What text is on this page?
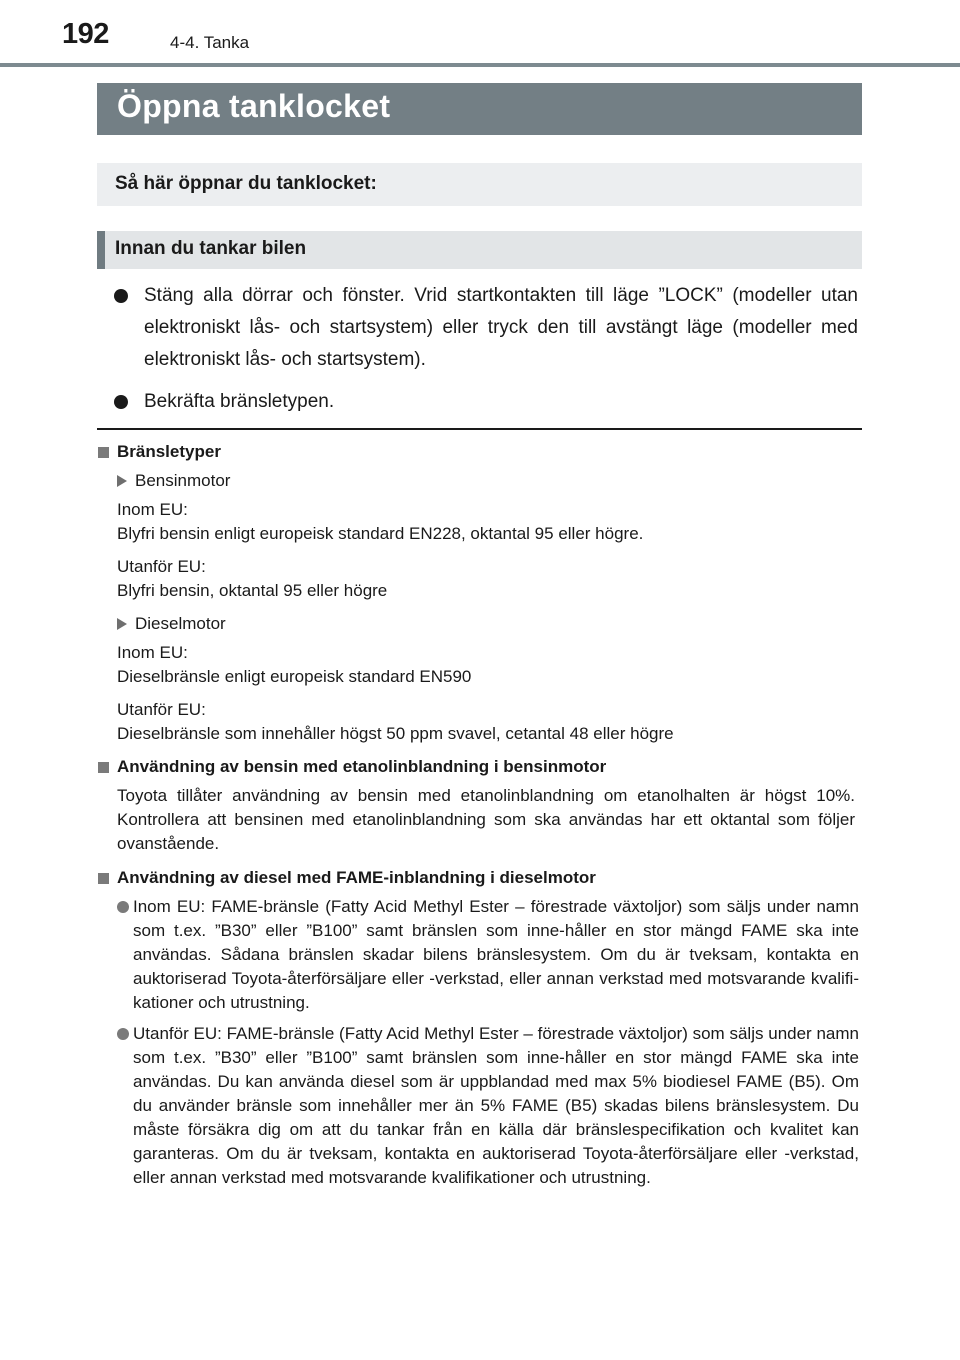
192	4-4. Tanka
Öppna tanklocket
Så här öppnar du tanklocket:
Innan du tankar bilen
Stäng alla dörrar och fönster. Vrid startkontakten till läge ”LOCK” (modeller utan elektroniskt lås- och startsystem) eller tryck den till avstängt läge (modeller med elektroniskt lås- och startsystem).
Bekräfta bränsletypen.
Bränsletyper
Bensinmotor
Inom EU:
Blyfri bensin enligt europeisk standard EN228, oktantal 95 eller högre.
Utanför EU:
Blyfri bensin, oktantal 95 eller högre
Dieselmotor
Inom EU:
Dieselbränsle enligt europeisk standard EN590
Utanför EU:
Dieselbränsle som innehåller högst 50 ppm svavel, cetantal 48 eller högre
Användning av bensin med etanolinblandning i bensinmotor
Toyota tillåter användning av bensin med etanolinblandning om etanolhalten är högst 10%. Kontrollera att bensinen med etanolinblandning som ska användas har ett oktantal som följer ovanstående.
Användning av diesel med FAME-inblandning i dieselmotor
Inom EU: FAME-bränsle (Fatty Acid Methyl Ester – förestrade växtoljor) som säljs under namn som t.ex. ”B30” eller ”B100” samt bränslen som inne-håller en stor mängd FAME ska inte användas. Sådana bränslen skadar bilens bränslesystem. Om du är tveksam, kontakta en auktoriserad Toyota-återförsäljare eller -verkstad, eller annan verkstad med motsvarande kvalifi-kationer och utrustning.
Utanför EU: FAME-bränsle (Fatty Acid Methyl Ester – förestrade växtoljor) som säljs under namn som t.ex. ”B30” eller ”B100” samt bränslen som inne-håller en stor mängd FAME ska inte användas. Du kan använda diesel som är uppblandad med max 5% biodiesel FAME (B5). Om du använder bränsle som innehåller mer än 5% FAME (B5) skadas bilens bränslesystem. Du måste försäkra dig om att du tankar från en källa där bränslespecifikation och kvalitet kan garanteras. Om du är tveksam, kontakta en auktoriserad Toyota-återförsäljare eller -verkstad, eller annan verkstad med motsvarande kvalifikationer och utrustning.
